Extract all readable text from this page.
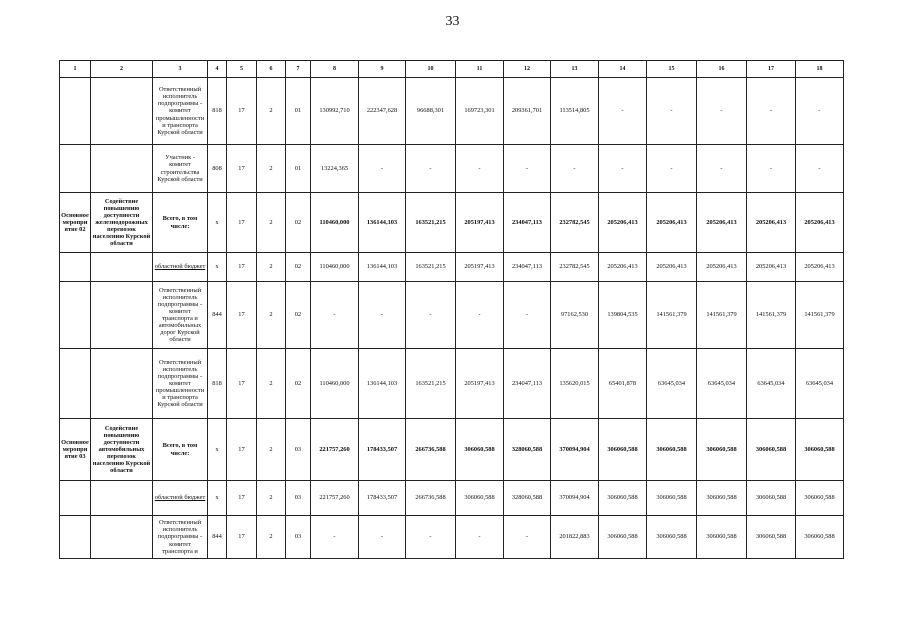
33
1	2	3	4	5	6	7	8	9	10	11	12	13	14	15	16	17	18
		Ответственный исполнитель подпрограммы - комитет промышленности и транспорта Курской области	818	17	2	01	130992,710	222347,628	96688,301	169723,301	209361,701	113514,805	-	-	-	-	-
		Участник - комитет строительства Курской области	808	17	2	01	13224,365	-	-	-	-	-	-	-	-	-	-
Основное мероприятие 02	Содействие повышению доступности железнодорожных перевозок населению Курской области	Всего, в том числе:	х	17	2	02	110460,000	136144,103	163521,215	205197,413	234047,113	232782,545	205206,413	205206,413	205206,413	205206,413	205206,413
		областной бюджет	х	17	2	02	110460,000	136144,103	163521,215	205197,413	234047,113	232782,545	205206,413	205206,413	205206,413	205206,413	205206,413
		Ответственный исполнитель подпрограммы - комитет транспорта и автомобильных дорог Курской области	844	17	2	02	-	-	-	-	-	97162,530	139804,535	141561,379	141561,379	141561,379	141561,379
		Ответственный исполнитель подпрограммы - комитет промышленности и транспорта Курской области	818	17	2	02	110460,000	136144,103	163521,215	205197,413	234047,113	135620,015	65401,878	63645,034	63645,034	63645,034	63645,034
Основное мероприятие 03	Содействие повышению доступности автомобильных перевозок населению Курской области	Всего, в том числе:	х	17	2	03	221757,260	178433,507	266736,588	306060,588	328060,588	370094,904	306060,588	306060,588	306060,588	306060,588	306060,588
		областной бюджет	х	17	2	03	221757,260	178433,507	266736,588	306060,588	328060,588	370094,904	306060,588	306060,588	306060,588	306060,588	306060,588
		Ответственный исполнитель подпрограммы - комитет транспорта и	844	17	2	03	-	-	-	-	-	201822,883	306060,588	306060,588	306060,588	306060,588	306060,588
